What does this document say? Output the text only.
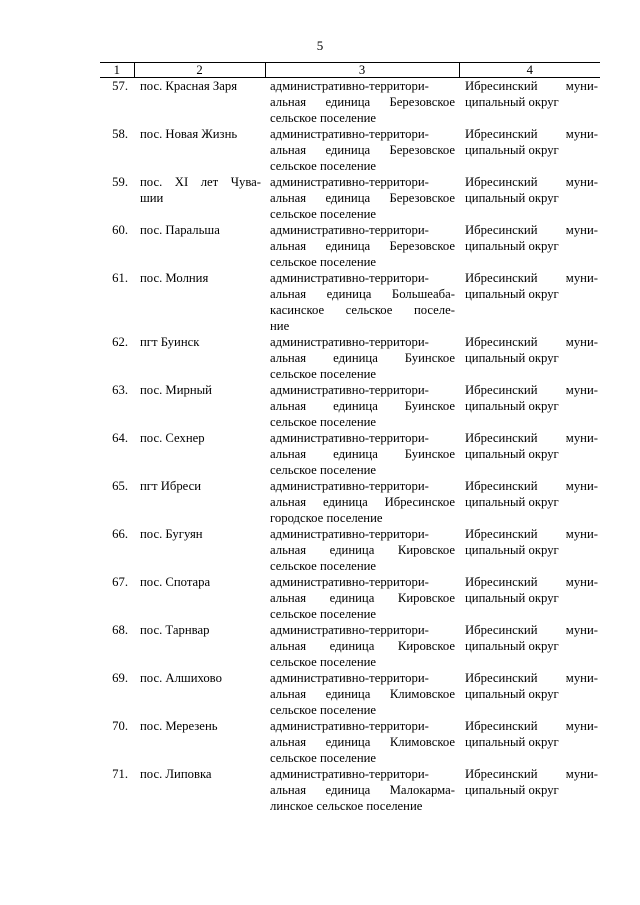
5
1	2	3	4
57.	пос. Красная Заря	административно-территори-
альная единица Березовское
сельское поселение	Ибресинский муни-
ципальный округ

58.	пос. Новая Жизнь	административно-территори-
альная единица Березовское
сельское поселение	Ибресинский муни-
ципальный округ

59.	пос. XI лет Чува-
шии	административно-территори-
альная единица Березовское
сельское поселение	Ибресинский муни-
ципальный округ

60.	пос. Паральша	административно-территори-
альная единица Березовское
сельское поселение	Ибресинский муни-
ципальный округ

61.	пос. Молния	административно-территори-
альная единица Большеаба-
касинское сельское поселе-
ние	Ибресинский муни-
ципальный округ

62.	пгт Буинск	административно-территори-
альная единица Буинское
сельское поселение	Ибресинский муни-
ципальный округ

63.	пос. Мирный	административно-территори-
альная единица Буинское
сельское поселение	Ибресинский муни-
ципальный округ

64.	пос. Сехнер	административно-территори-
альная единица Буинское
сельское поселение	Ибресинский муни-
ципальный округ

65.	пгт Ибреси	административно-территори-
альная единица Ибресинское
городское поселение	Ибресинский муни-
ципальный округ

66.	пос. Бугуян	административно-территори-
альная единица Кировское
сельское поселение	Ибресинский муни-
ципальный округ

67.	пос. Спотара	административно-территори-
альная единица Кировское
сельское поселение	Ибресинский муни-
ципальный округ

68.	пос. Тарнвар	административно-территори-
альная единица Кировское
сельское поселение	Ибресинский муни-
ципальный округ

69.	пос. Алшихово	административно-территори-
альная единица Климовское
сельское поселение	Ибресинский муни-
ципальный округ

70.	пос. Мерезень	административно-территори-
альная единица Климовское
сельское поселение	Ибресинский муни-
ципальный округ

71.	пос. Липовка	административно-территори-
альная единица Малокармa-
линское сельское поселение	Ибресинский муни-
ципальный округ
